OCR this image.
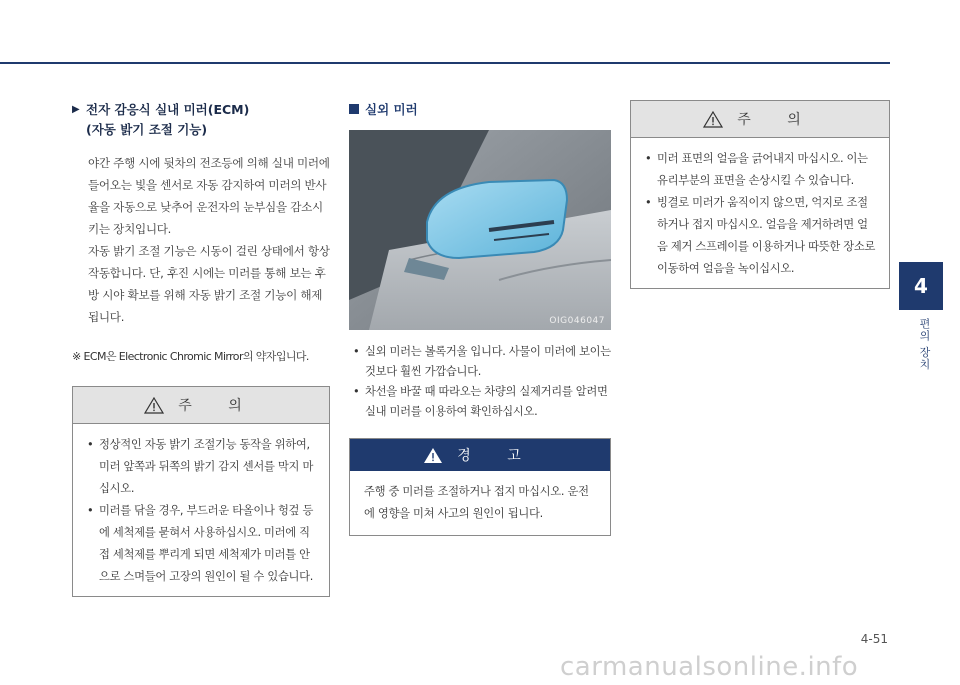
▶ 전자 감응식 실내 미러(ECM)
(자동 밝기 조절 기능)
야간 주행 시에 뒷차의 전조등에 의해 실내 미러에 들어오는 빛을 센서로 자동 감지하여 미러의 반사율을 자동으로 낮추어 운전자의 눈부심을 감소시키는 장치입니다.
자동 밝기 조절 기능은 시동이 걸린 상태에서 항상 작동합니다. 단, 후진 시에는 미러를 통해 보는 후방 시야 확보를 위해 자동 밝기 조절 기능이 해제됩니다.
※ ECM은 Electronic Chromic Mirror의 약자입니다.
주 의
• 정상적인 자동 밝기 조절기능 동작을 위하여, 미러 앞쪽과 뒤쪽의 밝기 감지 센서를 막지 마십시오.
• 미러를 닦을 경우, 부드러운 타올이나 헝겊 등에 세척제를 묻혀서 사용하십시오. 미러에 직접 세척제를 뿌리게 되면 세척제가 미러틀 안으로 스며들어 고장의 원인이 될 수 있습니다.
실외 미러
OIG046047
• 실외 미러는 볼록거울 입니다. 사물이 미러에 보이는 것보다 훨씬 가깝습니다.
• 차선을 바꿀 때 따라오는 차량의 실제거리를 알려면 실내 미러를 이용하여 확인하십시오.
경 고
주행 중 미러를 조절하거나 접지 마십시오. 운전에 영향을 미쳐 사고의 원인이 됩니다.
주 의
• 미러 표면의 얼음을 긁어내지 마십시오. 이는 유리부분의 표면을 손상시킬 수 있습니다.
• 빙결로 미러가 움직이지 않으면, 억지로 조절하거나 접지 마십시오. 얼음을 제거하려면 얼음 제거 스프레이를 이용하거나 따뜻한 장소로 이동하여 얼음을 녹이십시오.
4
편의 장치
4-51
carmanualsonline.info
